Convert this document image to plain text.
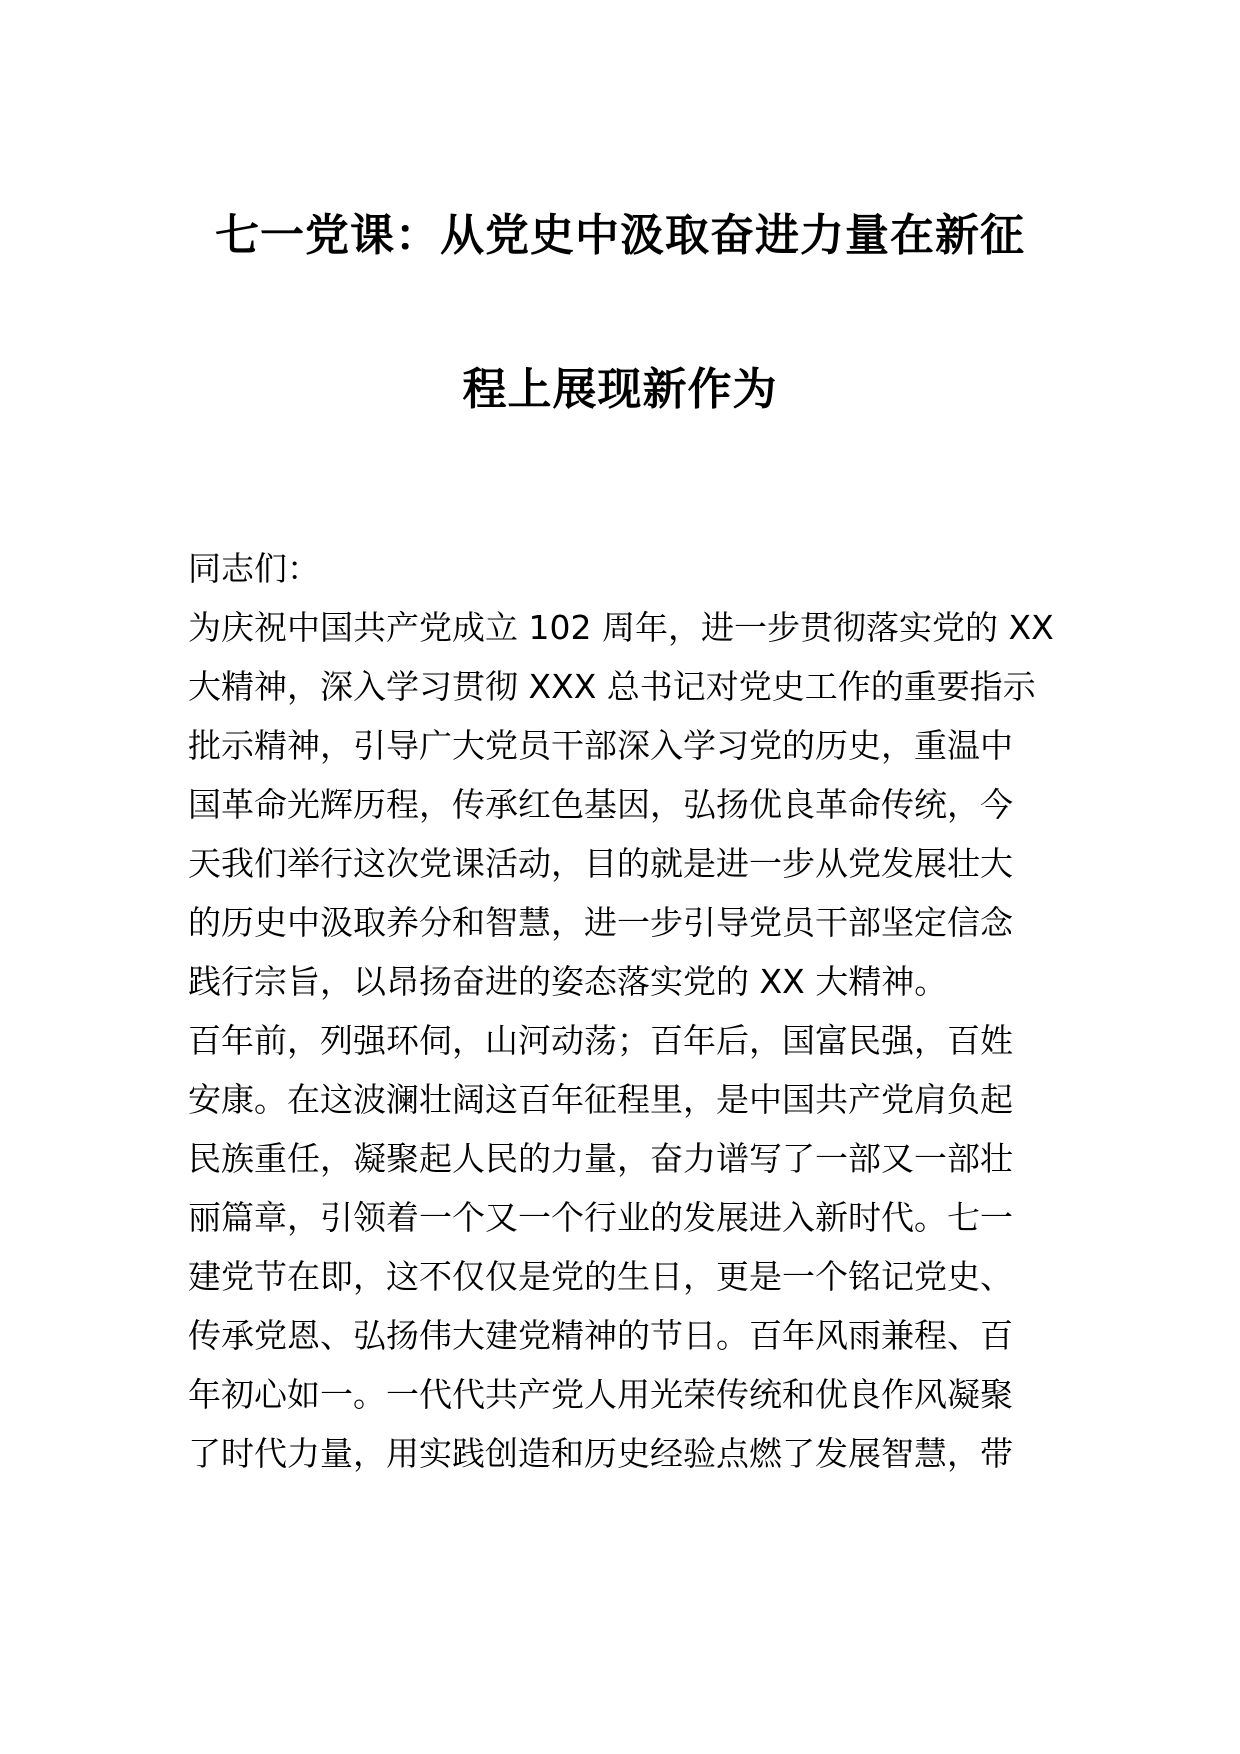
七一党课：从党史中汲取奋进力量在新征
程上展现新作为
同志们：
为庆祝中国共产党成立 102 周年，进一步贯彻落实党的 XX
大精神，深入学习贯彻 XXX 总书记对党史工作的重要指示
批示精神，引导广大党员干部深入学习党的历史，重温中
国革命光辉历程，传承红色基因，弘扬优良革命传统，今
天我们举行这次党课活动，目的就是进一步从党发展壮大
的历史中汲取养分和智慧，进一步引导党员干部坚定信念
践行宗旨，以昂扬奋进的姿态落实党的 XX 大精神。
百年前，列强环伺，山河动荡；百年后，国富民强，百姓
安康。在这波澜壮阔这百年征程里，是中国共产党肩负起
民族重任，凝聚起人民的力量，奋力谱写了一部又一部壮
丽篇章，引领着一个又一个行业的发展进入新时代。七一
建党节在即，这不仅仅是党的生日，更是一个铭记党史、
传承党恩、弘扬伟大建党精神的节日。百年风雨兼程、百
年初心如一。一代代共产党人用光荣传统和优良作风凝聚
了时代力量，用实践创造和历史经验点燃了发展智慧，带
